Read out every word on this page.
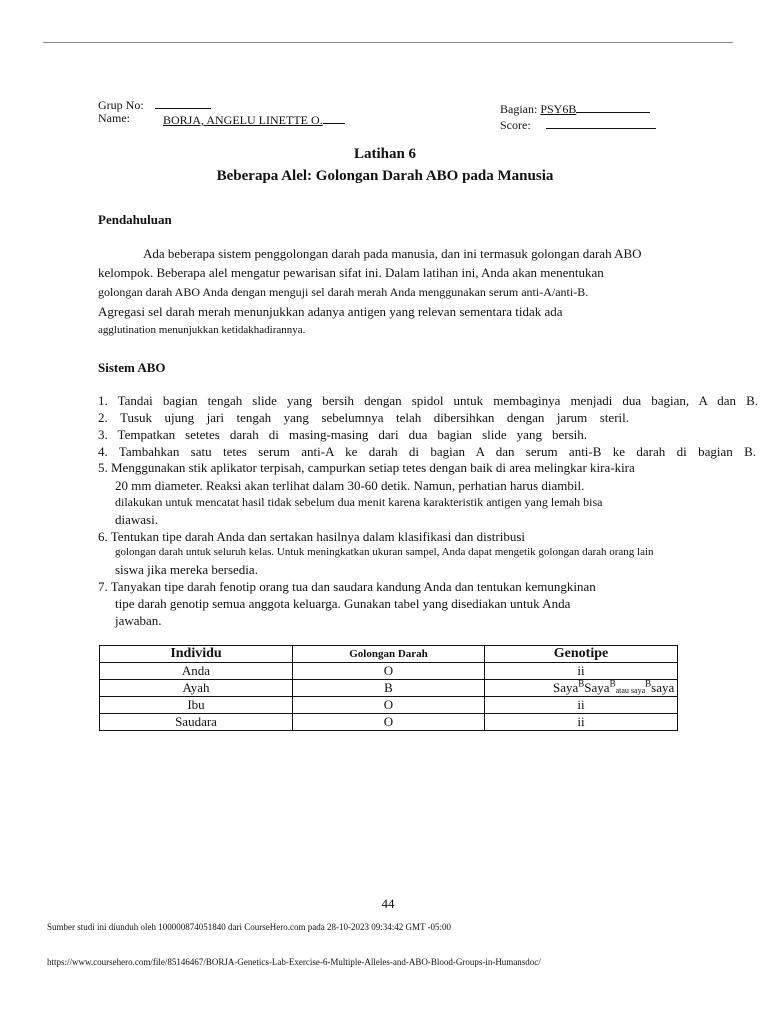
Grup No:
Name:	BORJA, ANGELU LINETTE O.
Bagian: PSY6B
Score:
Latihan 6
Beberapa Alel: Golongan Darah ABO pada Manusia
Pendahuluan
Ada beberapa sistem penggolongan darah pada manusia, dan ini termasuk golongan darah ABO
kelompok. Beberapa alel mengatur pewarisan sifat ini. Dalam latihan ini, Anda akan menentukan
golongan darah ABO Anda dengan menguji sel darah merah Anda menggunakan serum anti-A/anti-B.
Agregasi sel darah merah menunjukkan adanya antigen yang relevan sementara tidak ada
agglutination menunjukkan ketidakhadirannya.
Sistem ABO
1. Tandai bagian tengah slide yang bersih dengan spidol untuk membaginya menjadi dua bagian, A dan B.
2. Tusuk ujung jari tengah yang sebelumnya telah dibersihkan dengan jarum steril.
3. Tempatkan setetes darah di masing-masing dari dua bagian slide yang bersih.
4. Tambahkan satu tetes serum anti-A ke darah di bagian A dan serum anti-B ke darah di bagian B.
5. Menggunakan stik aplikator terpisah, campurkan setiap tetes dengan baik di area melingkar kira-kira
20 mm diameter. Reaksi akan terlihat dalam 30-60 detik. Namun, perhatian harus diambil.
dilakukan untuk mencatat hasil tidak sebelum dua menit karena karakteristik antigen yang lemah bisa
diawasi.
6. Tentukan tipe darah Anda dan sertakan hasilnya dalam klasifikasi dan distribusi
golongan darah untuk seluruh kelas. Untuk meningkatkan ukuran sampel, Anda dapat mengetik golongan darah orang lain
siswa jika mereka bersedia.
7. Tanyakan tipe darah fenotip orang tua dan saudara kandung Anda dan tentukan kemungkinan
tipe darah genotip semua anggota keluarga. Gunakan tabel yang disediakan untuk Anda
jawaban.
Individu	Golongan Darah	Genotipe
Anda	O	ii
Ayah	B	Saya$^B$Saya$^B_{atau saya}^B$saya
Ibu	O	ii
Saudara	O	ii
44
Sumber studi ini diunduh oleh 100000874051840 dari CourseHero.com pada 28-10-2023 09:34:42 GMT -05:00
https://www.coursehero.com/file/85146467/BORJA-Genetics-Lab-Exercise-6-Multiple-Alleles-and-ABO-Blood-Groups-in-Humansdoc/
